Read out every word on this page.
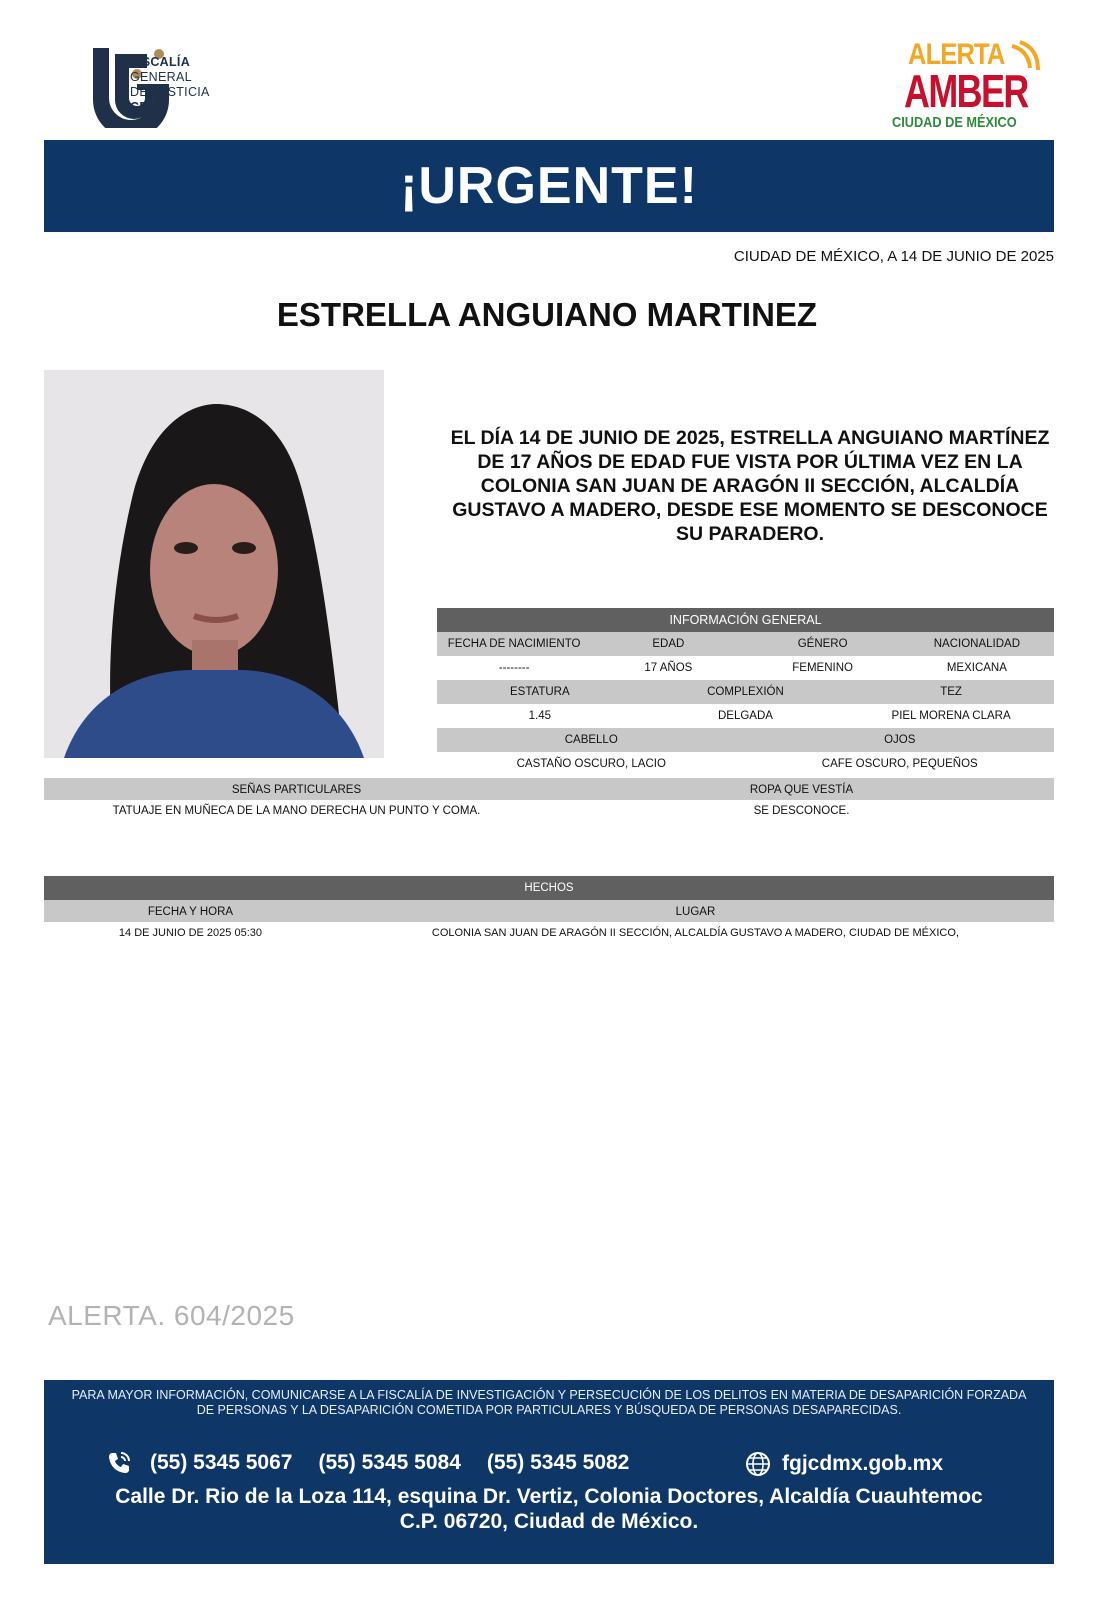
FISCALÍA
GENERAL
DE JUSTICIA
CDMX
ALERTA
AMBER
CIUDAD DE MÉXICO
¡URGENTE!
CIUDAD DE MÉXICO, A 14 DE JUNIO DE 2025
ESTRELLA ANGUIANO MARTINEZ
EL DÍA 14 DE JUNIO DE 2025, ESTRELLA ANGUIANO MARTÍNEZ DE 17 AÑOS DE EDAD FUE VISTA POR ÚLTIMA VEZ EN LA COLONIA SAN JUAN DE ARAGÓN II SECCIÓN, ALCALDÍA GUSTAVO A MADERO, DESDE ESE MOMENTO SE DESCONOCE SU PARADERO.
INFORMACIÓN GENERAL
FECHA DE NACIMIENTO	EDAD	GÉNERO	NACIONALIDAD
--------	17 AÑOS	FEMENINO	MEXICANA
ESTATURA	COMPLEXIÓN	TEZ
1.45	DELGADA	PIEL MORENA CLARA
CABELLO	OJOS
CASTAÑO OSCURO, LACIO	CAFE OSCURO, PEQUEÑOS
SEÑAS PARTICULARES	ROPA QUE VESTÍA
TATUAJE EN MUÑECA DE LA MANO DERECHA UN PUNTO Y COMA.	SE DESCONOCE.
HECHOS
FECHA Y HORA	LUGAR
14 DE JUNIO DE 2025 05:30	COLONIA SAN JUAN DE ARAGÓN II SECCIÓN, ALCALDÍA GUSTAVO A MADERO, CIUDAD DE MÉXICO,
ALERTA. 604/2025
PARA MAYOR INFORMACIÓN, COMUNICARSE A LA FISCALÍA DE INVESTIGACIÓN Y PERSECUCIÓN DE LOS DELITOS EN MATERIA DE DESAPARICIÓN FORZADA DE PERSONAS Y LA DESAPARICIÓN COMETIDA POR PARTICULARES Y BÚSQUEDA DE PERSONAS DESAPARECIDAS.
(55) 5345 5067 (55) 5345 5084 (55) 5345 5082	fgjcdmx.gob.mx
Calle Dr. Rio de la Loza 114, esquina Dr. Vertiz, Colonia Doctores, Alcaldía Cuauhtemoc
C.P. 06720, Ciudad de México.
